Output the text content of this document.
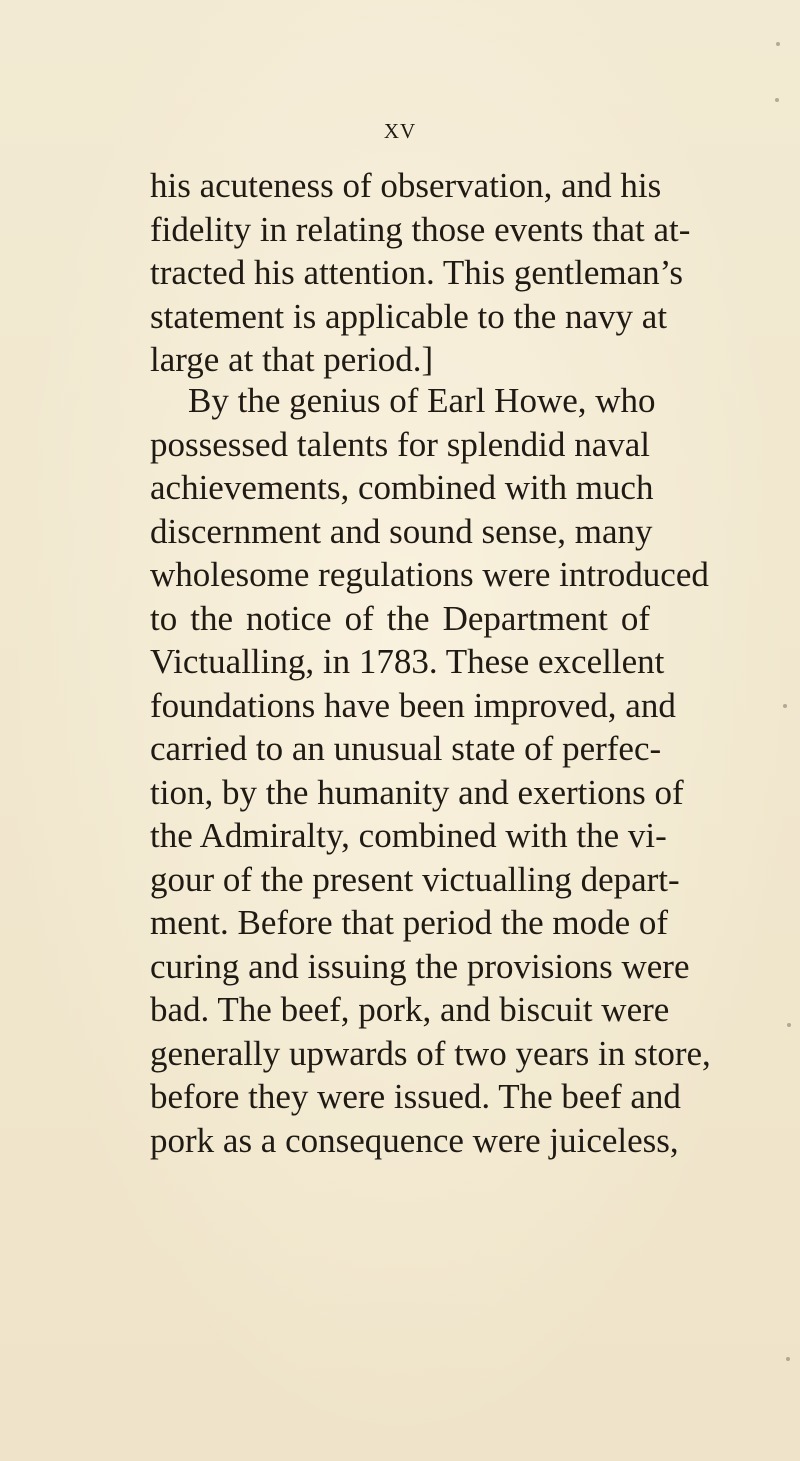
xv
his acuteness of observation, and his
fidelity in relating those events that at-
tracted his attention. This gentleman’s
statement is applicable to the navy at
large at that period.]
By the genius of Earl Howe, who
possessed talents for splendid naval
achievements, combined with much
discernment and sound sense, many
wholesome regulations were introduced
to the notice of the Department of
Victualling, in 1783. These excellent
foundations have been improved, and
carried to an unusual state of perfec-
tion, by the humanity and exertions of
the Admiralty, combined with the vi-
gour of the present victualling depart-
ment. Before that period the mode of
curing and issuing the provisions were
bad. The beef, pork, and biscuit were
generally upwards of two years in store,
before they were issued. The beef and
pork as a consequence were juiceless,
